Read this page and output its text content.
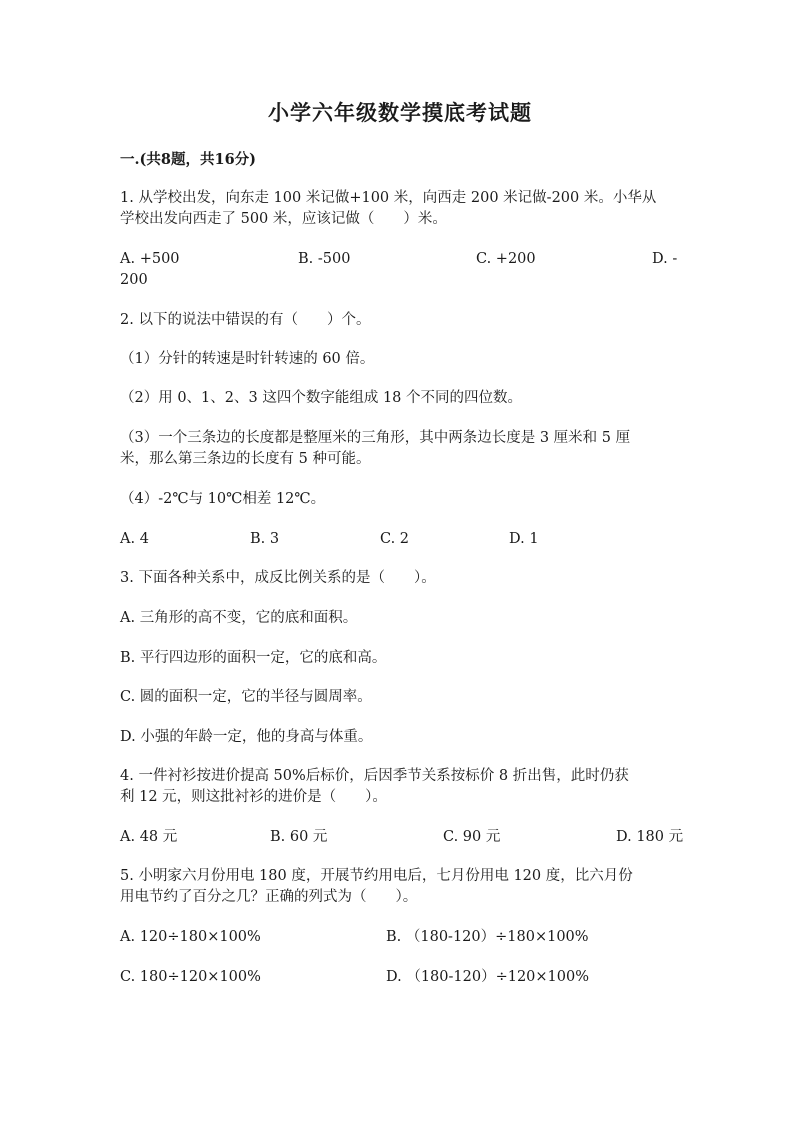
小学六年级数学摸底考试题
一.(共8题，共16分)
1. 从学校出发，向东走 100 米记做+100 米，向西走 200 米记做-200 米。小华从
学校出发向西走了 500 米，应该记做（　　）米。
A. +500	B. -500	C. +200	D. -
200
2. 以下的说法中错误的有（　　）个。
（1）分针的转速是时针转速的 60 倍。
（2）用 0、1、2、3 这四个数字能组成 18 个不同的四位数。
（3）一个三条边的长度都是整厘米的三角形，其中两条边长度是 3 厘米和 5 厘
米，那么第三条边的长度有 5 种可能。
（4）-2℃与 10℃相差 12℃。
A. 4	B. 3	C. 2	D. 1
3. 下面各种关系中，成反比例关系的是（　　）。
A. 三角形的高不变，它的底和面积。
B. 平行四边形的面积一定，它的底和高。
C. 圆的面积一定，它的半径与圆周率。
D. 小强的年龄一定，他的身高与体重。
4. 一件衬衫按进价提高 50%后标价，后因季节关系按标价 8 折出售，此时仍获
利 12 元，则这批衬衫的进价是（　　）。
A. 48 元	B. 60 元	C. 90 元	D. 180 元
5. 小明家六月份用电 180 度，开展节约用电后，七月份用电 120 度，比六月份
用电节约了百分之几？正确的列式为（　　）。
A. 120÷180×100%	B. （180-120）÷180×100%
C. 180÷120×100%	D. （180-120）÷120×100%
